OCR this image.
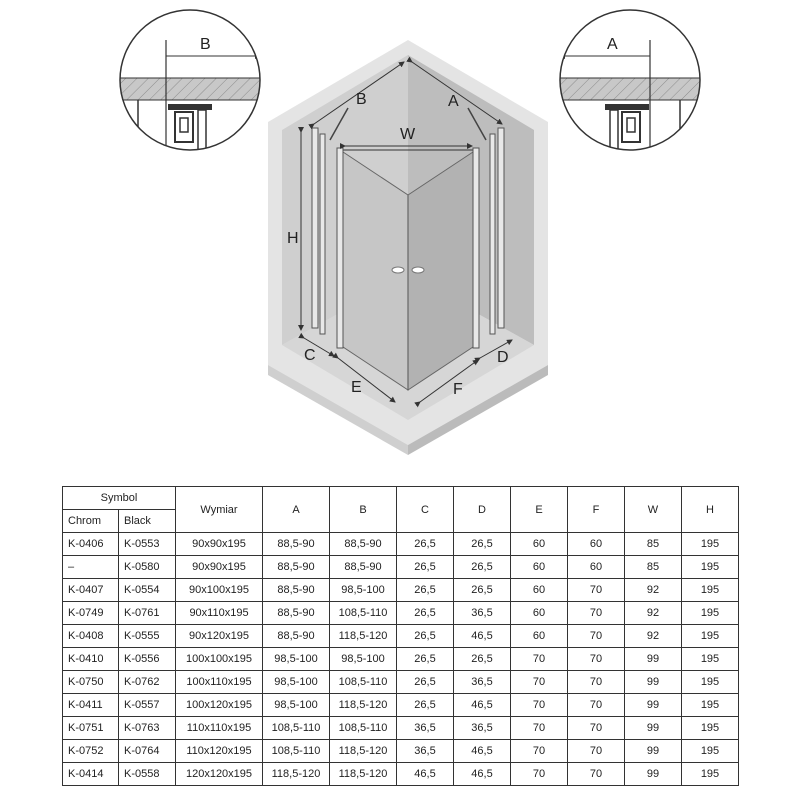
B	A
B	A
W
H
C	D
E	F
Symbol		Wymiar	A	B	C	D	E	F	W	H
Chrom	Black									
K-0406	K-0553	90x90x195	88,5-90	88,5-90	26,5	26,5	60	60	85	195
–	K-0580	90x90x195	88,5-90	88,5-90	26,5	26,5	60	60	85	195
K-0407	K-0554	90x100x195	88,5-90	98,5-100	26,5	26,5	60	70	92	195
K-0749	K-0761	90x110x195	88,5-90	108,5-110	26,5	36,5	60	70	92	195
K-0408	K-0555	90x120x195	88,5-90	118,5-120	26,5	46,5	60	70	92	195
K-0410	K-0556	100x100x195	98,5-100	98,5-100	26,5	26,5	70	70	99	195
K-0750	K-0762	100x110x195	98,5-100	108,5-110	26,5	36,5	70	70	99	195
K-0411	K-0557	100x120x195	98,5-100	118,5-120	26,5	46,5	70	70	99	195
K-0751	K-0763	110x110x195	108,5-110	108,5-110	36,5	36,5	70	70	99	195
K-0752	K-0764	110x120x195	108,5-110	118,5-120	36,5	46,5	70	70	99	195
K-0414	K-0558	120x120x195	118,5-120	118,5-120	46,5	46,5	70	70	99	195
